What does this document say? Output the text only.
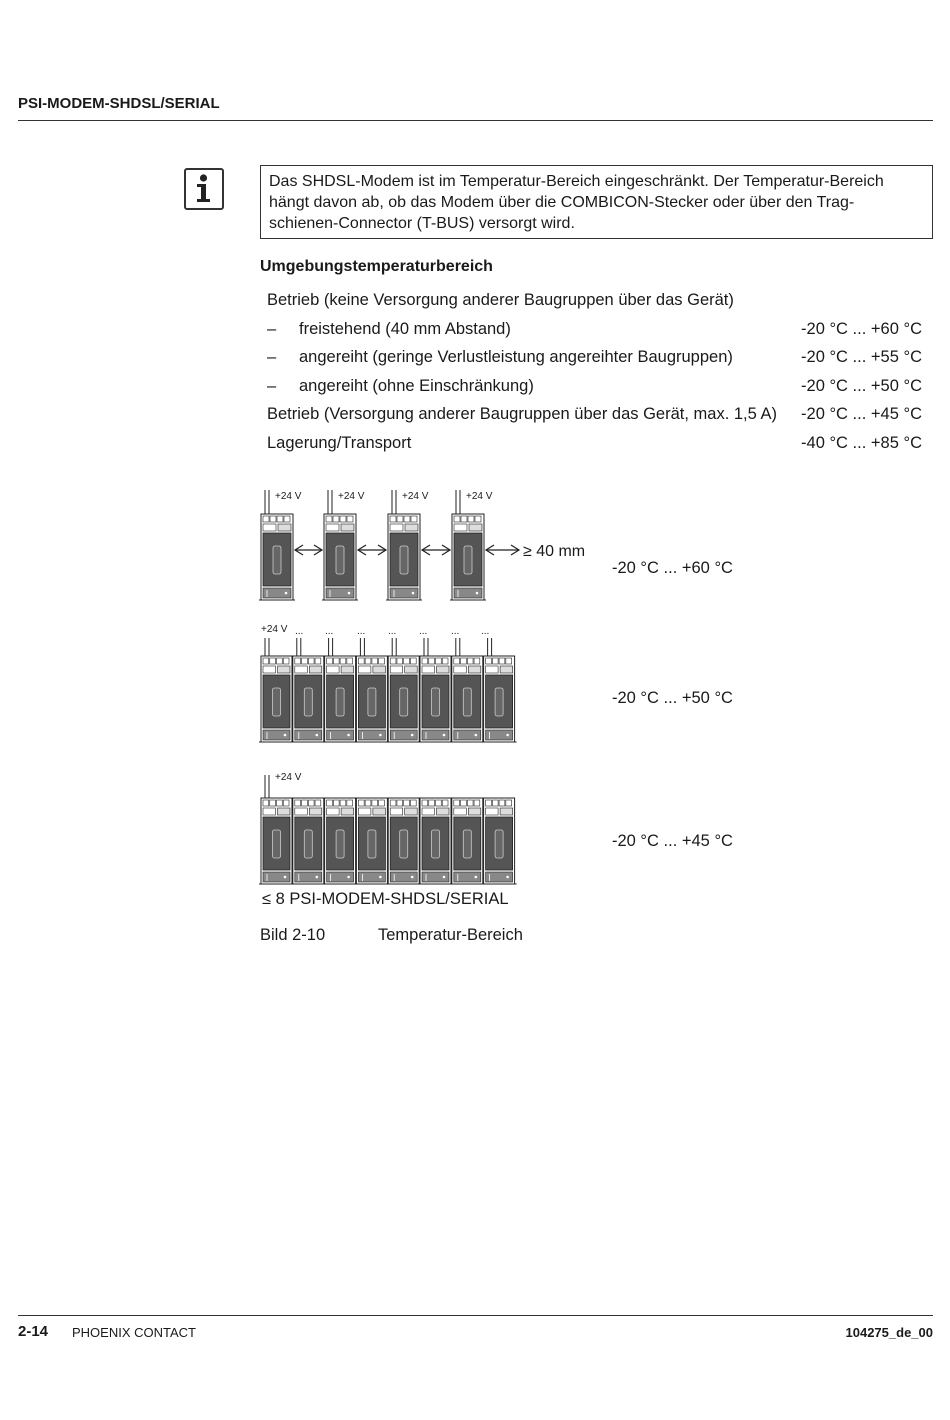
PSI-MODEM-SHDSL/SERIAL
Das SHDSL-Modem ist im Temperatur-Bereich eingeschränkt. Der Temperatur-Bereich
hängt davon ab, ob das Modem über die COMBICON-Stecker oder über den Trag-
schienen-Connector (T-BUS) versorgt wird.
Umgebungstemperaturbereich
Betrieb (keine Versorgung anderer Baugruppen über das Gerät)
– freistehend (40 mm Abstand)	-20 °C ... +60 °C
– angereiht (geringe Verlustleistung angereihter Baugruppen)	-20 °C ... +55 °C
– angereiht (ohne Einschränkung)	-20 °C ... +50 °C
Betrieb (Versorgung anderer Baugruppen über das Gerät, max. 1,5 A) -20 °C ... +45 °C
Lagerung/Transport	-40 °C ... +85 °C
+24 V	+24 V	+24 V	+24 V
≥ 40 mm
+24 V ... ... ... ... ... ... ...
+24 V
-20 °C ... +60 °C
-20 °C ... +50 °C
-20 °C ... +45 °C
≤ 8 PSI-MODEM-SHDSL/SERIAL
Bild 2-10	Temperatur-Bereich
2-14 PHOENIX CONTACT	104275_de_00
